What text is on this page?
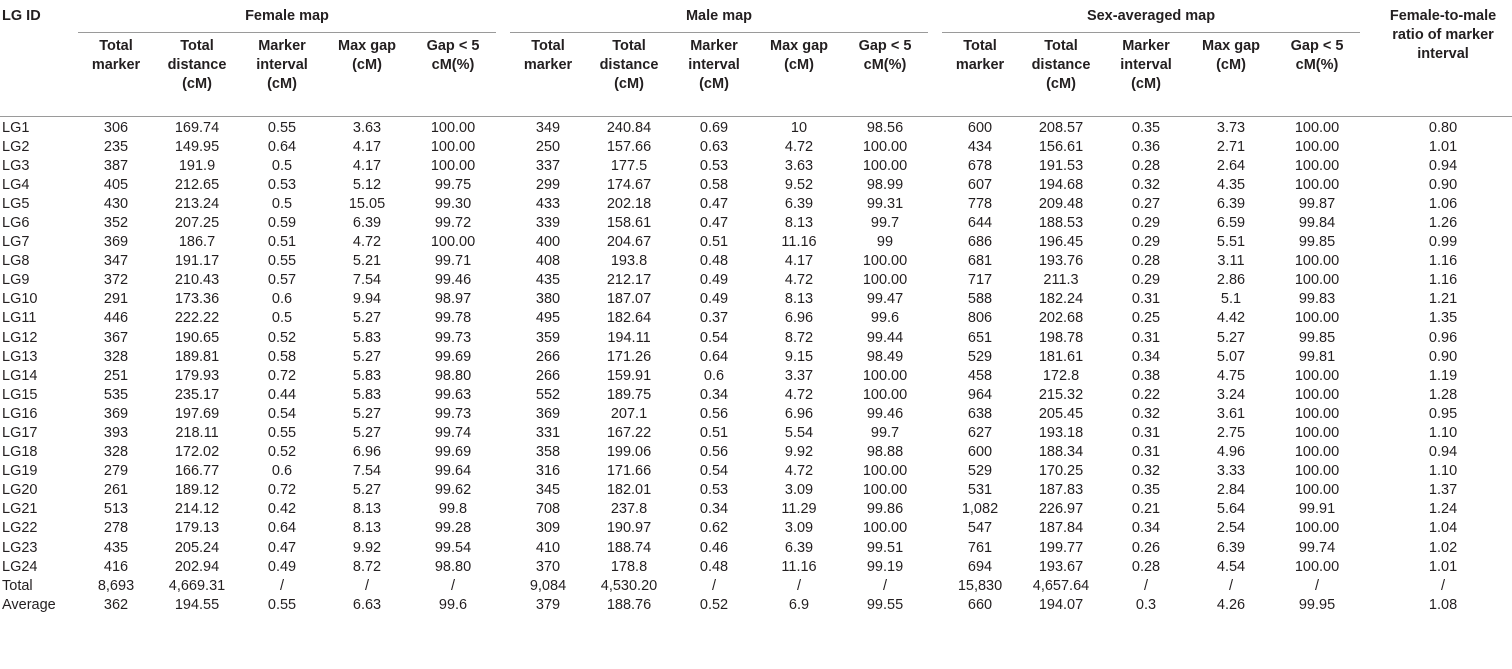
LG ID	Female map						Male map						Sex-averaged map						Female-to-male ratio of marker interval
	Total marker	Total distance (cM)	Marker interval (cM)	Max gap (cM)	Gap < 5 cM(%)		Total marker	Total distance (cM)	Marker interval (cM)	Max gap (cM)	Gap < 5 cM(%)		Total marker	Total distance (cM)	Marker interval (cM)	Max gap (cM)	Gap < 5 cM(%)		
LG1	306	169.74	0.55	3.63	100.00		349	240.84	0.69	10	98.56		600	208.57	0.35	3.73	100.00		0.80
LG2	235	149.95	0.64	4.17	100.00		250	157.66	0.63	4.72	100.00		434	156.61	0.36	2.71	100.00		1.01
LG3	387	191.9	0.5	4.17	100.00		337	177.5	0.53	3.63	100.00		678	191.53	0.28	2.64	100.00		0.94
LG4	405	212.65	0.53	5.12	99.75		299	174.67	0.58	9.52	98.99		607	194.68	0.32	4.35	100.00		0.90
LG5	430	213.24	0.5	15.05	99.30		433	202.18	0.47	6.39	99.31		778	209.48	0.27	6.39	99.87		1.06
LG6	352	207.25	0.59	6.39	99.72		339	158.61	0.47	8.13	99.7		644	188.53	0.29	6.59	99.84		1.26
LG7	369	186.7	0.51	4.72	100.00		400	204.67	0.51	11.16	99		686	196.45	0.29	5.51	99.85		0.99
LG8	347	191.17	0.55	5.21	99.71		408	193.8	0.48	4.17	100.00		681	193.76	0.28	3.11	100.00		1.16
LG9	372	210.43	0.57	7.54	99.46		435	212.17	0.49	4.72	100.00		717	211.3	0.29	2.86	100.00		1.16
LG10	291	173.36	0.6	9.94	98.97		380	187.07	0.49	8.13	99.47		588	182.24	0.31	5.1	99.83		1.21
LG11	446	222.22	0.5	5.27	99.78		495	182.64	0.37	6.96	99.6		806	202.68	0.25	4.42	100.00		1.35
LG12	367	190.65	0.52	5.83	99.73		359	194.11	0.54	8.72	99.44		651	198.78	0.31	5.27	99.85		0.96
LG13	328	189.81	0.58	5.27	99.69		266	171.26	0.64	9.15	98.49		529	181.61	0.34	5.07	99.81		0.90
LG14	251	179.93	0.72	5.83	98.80		266	159.91	0.6	3.37	100.00		458	172.8	0.38	4.75	100.00		1.19
LG15	535	235.17	0.44	5.83	99.63		552	189.75	0.34	4.72	100.00		964	215.32	0.22	3.24	100.00		1.28
LG16	369	197.69	0.54	5.27	99.73		369	207.1	0.56	6.96	99.46		638	205.45	0.32	3.61	100.00		0.95
LG17	393	218.11	0.55	5.27	99.74		331	167.22	0.51	5.54	99.7		627	193.18	0.31	2.75	100.00		1.10
LG18	328	172.02	0.52	6.96	99.69		358	199.06	0.56	9.92	98.88		600	188.34	0.31	4.96	100.00		0.94
LG19	279	166.77	0.6	7.54	99.64		316	171.66	0.54	4.72	100.00		529	170.25	0.32	3.33	100.00		1.10
LG20	261	189.12	0.72	5.27	99.62		345	182.01	0.53	3.09	100.00		531	187.83	0.35	2.84	100.00		1.37
LG21	513	214.12	0.42	8.13	99.8		708	237.8	0.34	11.29	99.86		1,082	226.97	0.21	5.64	99.91		1.24
LG22	278	179.13	0.64	8.13	99.28		309	190.97	0.62	3.09	100.00		547	187.84	0.34	2.54	100.00		1.04
LG23	435	205.24	0.47	9.92	99.54		410	188.74	0.46	6.39	99.51		761	199.77	0.26	6.39	99.74		1.02
LG24	416	202.94	0.49	8.72	98.80		370	178.8	0.48	11.16	99.19		694	193.67	0.28	4.54	100.00		1.01
Total	8,693	4,669.31	/	/	/		9,084	4,530.20	/	/	/		15,830	4,657.64	/	/	/		/
Average	362	194.55	0.55	6.63	99.6		379	188.76	0.52	6.9	99.55		660	194.07	0.3	4.26	99.95		1.08
